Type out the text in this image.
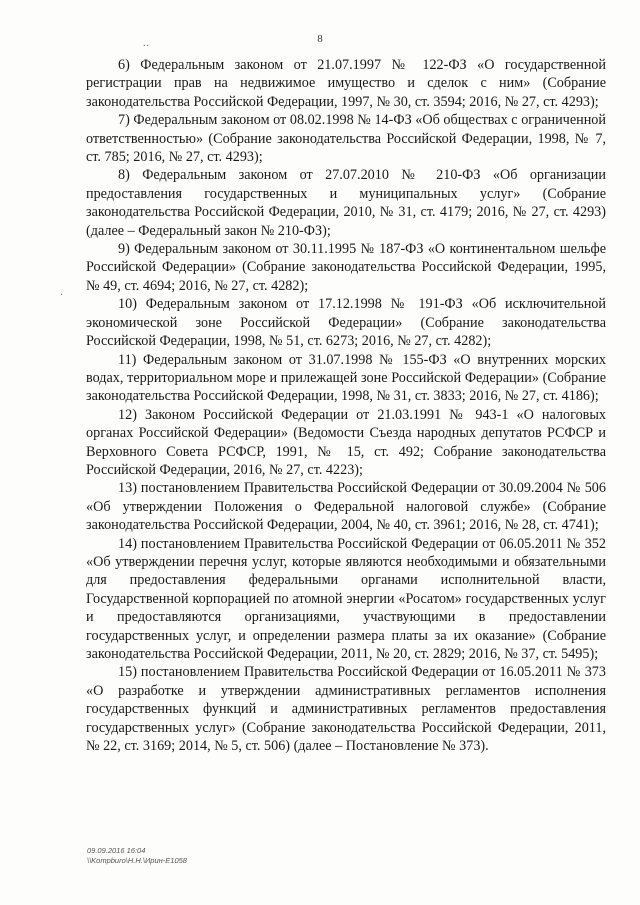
..	8
·

6) Федеральным законом от 21.07.1997 № 122-ФЗ «О государственной регистрации прав на недвижимое имущество и сделок с ним» (Собрание законодательства Российской Федерации, 1997, № 30, ст. 3594; 2016, № 27, ст. 4293);

7) Федеральным законом от 08.02.1998 № 14-ФЗ «Об обществах с ограниченной ответственностью» (Собрание законодательства Российской Федерации, 1998, № 7, ст. 785; 2016, № 27, ст. 4293);

8) Федеральным законом от 27.07.2010 № 210-ФЗ «Об организации предоставления государственных и муниципальных услуг» (Собрание законодательства Российской Федерации, 2010, № 31, ст. 4179; 2016, № 27, ст. 4293) (далее – Федеральный закон № 210-ФЗ);

9) Федеральным законом от 30.11.1995 № 187-ФЗ «О континентальном шельфе Российской Федерации» (Собрание законодательства Российской Федерации, 1995, № 49, ст. 4694; 2016, № 27, ст. 4282);

10) Федеральным законом от 17.12.1998 № 191-ФЗ «Об исключительной экономической зоне Российской Федерации» (Собрание законодательства Российской Федерации, 1998, № 51, ст. 6273; 2016, № 27, ст. 4282);

11) Федеральным законом от 31.07.1998 № 155-ФЗ «О внутренних морских водах, территориальном море и прилежащей зоне Российской Федерации» (Собрание законодательства Российской Федерации, 1998, № 31, ст. 3833; 2016, № 27, ст. 4186);

12) Законом Российской Федерации от 21.03.1991 № 943-1 «О налоговых органах Российской Федерации» (Ведомости Съезда народных депутатов РСФСР и Верховного Совета РСФСР, 1991, № 15, ст. 492; Собрание законодательства Российской Федерации, 2016, № 27, ст. 4223);

13) постановлением Правительства Российской Федерации от 30.09.2004 № 506 «Об утверждении Положения о Федеральной налоговой службе» (Собрание законодательства Российской Федерации, 2004, № 40, ст. 3961; 2016, № 28, ст. 4741);

14) постановлением Правительства Российской Федерации от 06.05.2011 № 352 «Об утверждении перечня услуг, которые являются необходимыми и обязательными для предоставления федеральными органами исполнительной власти, Государственной корпорацией по атомной энергии «Росатом» государственных услуг и предоставляются организациями, участвующими в предоставлении государственных услуг, и определении размера платы за их оказание» (Собрание законодательства Российской Федерации, 2011, № 20, ст. 2829; 2016, № 37, ст. 5495);

15) постановлением Правительства Российской Федерации от 16.05.2011 № 373 «О разработке и утверждении административных регламентов исполнения государственных функций и административных регламентов предоставления государственных услуг» (Собрание законодательства Российской Федерации, 2011, № 22, ст. 3169; 2014, № 5, ст. 506) (далее – Постановление № 373).

09.09.2016 16:04
\\Kompburo\Н.Н.\Ирин-Е1058
